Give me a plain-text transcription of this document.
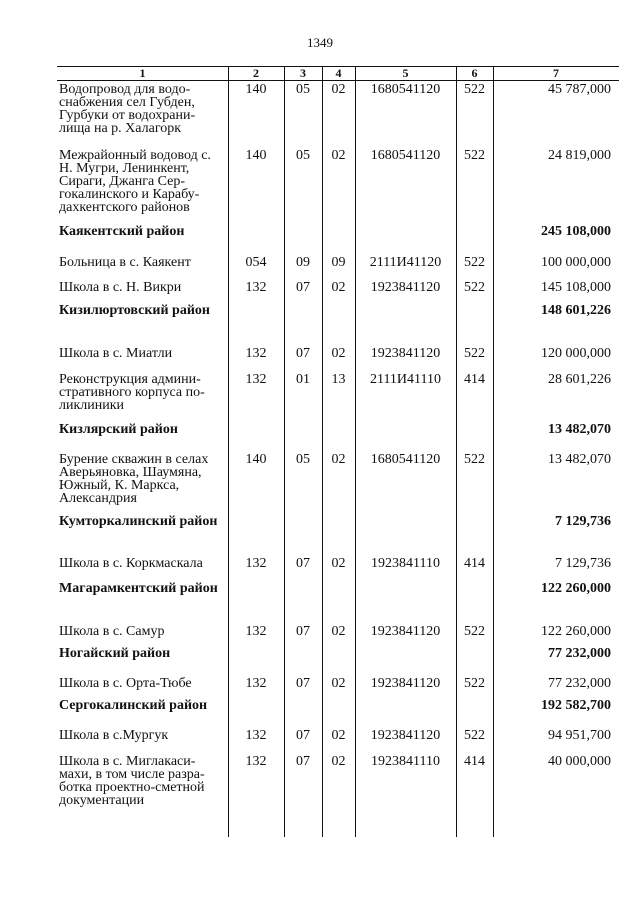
1349
1	2	3	4	5	6	7
Водопровод для водо-снабжения сел Губден, Гурбуки от водохрани-лища на р. Халагорк	140	05	02	1680541120	522	45 787,000
Межрайонный водовод с. Н. Мугри, Ленинкент, Сираги, Джанга Сер-гокалинского и Карабу-дахкентского районов	140	05	02	1680541120	522	24 819,000
Каякентский район						245 108,000
Больница в с. Каякент	054	09	09	2111И41120	522	100 000,000
Школа в с. Н. Викри	132	07	02	1923841120	522	145 108,000
Кизилюртовский район						148 601,226
Школа в с. Миатли	132	07	02	1923841120	522	120 000,000
Реконструкция админи-стративного корпуса по-ликлиники	132	01	13	2111И41110	414	28 601,226
Кизлярский район						13 482,070
Бурение скважин в селах Аверьяновка, Шаумяна, Южный, К. Маркса, Александрия	140	05	02	1680541120	522	13 482,070
Кумторкалинский район						7 129,736
Школа в с. Коркмаскала	132	07	02	1923841110	414	7 129,736
Магарамкентский район						122 260,000
Школа в с. Самур	132	07	02	1923841120	522	122 260,000
Ногайский район						77 232,000
Школа в с. Орта-Тюбе	132	07	02	1923841120	522	77 232,000
Сергокалинский район						192 582,700
Школа в с.Мургук	132	07	02	1923841120	522	94 951,700
Школа в с. Миглакаси-махи, в том числе разра-ботка проектно-сметной документации	132	07	02	1923841110	414	40 000,000
